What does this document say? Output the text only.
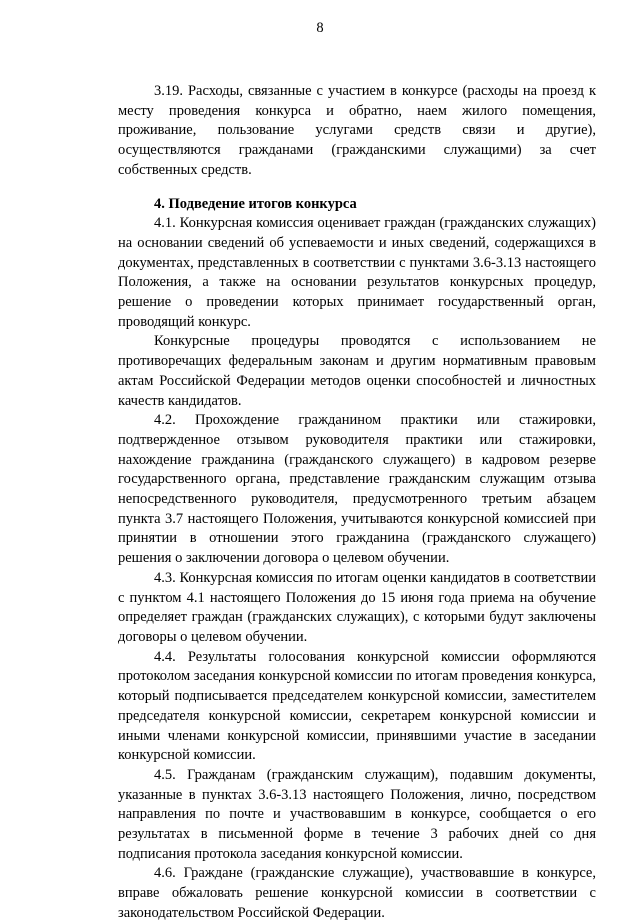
8

3.19. Расходы, связанные с участием в конкурсе (расходы на проезд к месту проведения конкурса и обратно, наем жилого помещения, проживание, пользование услугами средств связи и другие), осуществляются гражданами (гражданскими служащими) за счет собственных средств.

4. Подведение итогов конкурса

4.1. Конкурсная комиссия оценивает граждан (гражданских служащих) на основании сведений об успеваемости и иных сведений, содержащихся в документах, представленных в соответствии с пунктами 3.6-3.13 настоящего Положения, а также на основании результатов конкурсных процедур, решение о проведении которых принимает государственный орган, проводящий конкурс.

Конкурсные процедуры проводятся с использованием не противоречащих федеральным законам и другим нормативным правовым актам Российской Федерации методов оценки способностей и личностных качеств кандидатов.

4.2. Прохождение гражданином практики или стажировки, подтвержденное отзывом руководителя практики или стажировки, нахождение гражданина (гражданского служащего) в кадровом резерве государственного органа, представление гражданским служащим отзыва непосредственного руководителя, предусмотренного третьим абзацем пункта 3.7 настоящего Положения, учитываются конкурсной комиссией при принятии в отношении этого гражданина (гражданского служащего) решения о заключении договора о целевом обучении.

4.3. Конкурсная комиссия по итогам оценки кандидатов в соответствии с пунктом 4.1 настоящего Положения до 15 июня года приема на обучение определяет граждан (гражданских служащих), с которыми будут заключены договоры о целевом обучении.

4.4. Результаты голосования конкурсной комиссии оформляются протоколом заседания конкурсной комиссии по итогам проведения конкурса, который подписывается председателем конкурсной комиссии, заместителем председателя конкурсной комиссии, секретарем конкурсной комиссии и иными членами конкурсной комиссии, принявшими участие в заседании конкурсной комиссии.

4.5. Гражданам (гражданским служащим), подавшим документы, указанные в пунктах 3.6-3.13 настоящего Положения, лично, посредством направления по почте и участвовавшим в конкурсе, сообщается о его результатах в письменной форме в течение 3 рабочих дней со дня подписания протокола заседания конкурсной комиссии.

4.6. Граждане (гражданские служащие), участвовавшие в конкурсе, вправе обжаловать решение конкурсной комиссии в соответствии с законодательством Российской Федерации.
